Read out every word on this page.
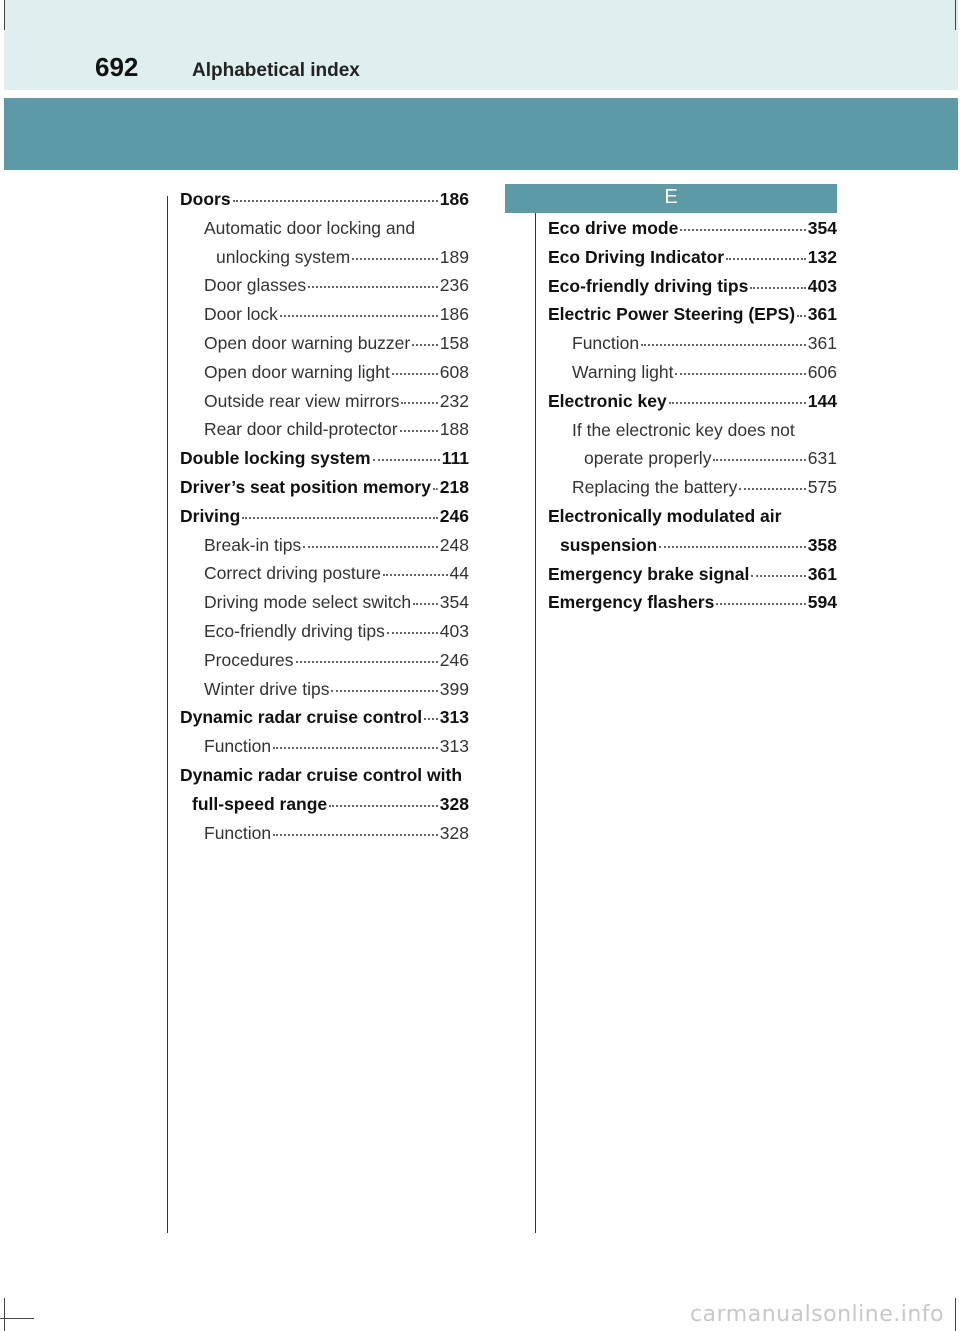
692	Alphabetical index
E
Doors	186
Automatic door locking and
unlocking system	189
Door glasses	236
Door lock	186
Open door warning buzzer 158
Open door warning light	608
Outside rear view mirrors 232
Rear door child-protector 188
Double locking system	111
Driver’s seat position memory 218
Driving	246
Break-in tips	248
Correct driving posture	44
Driving mode select switch 354
Eco-friendly driving tips	403
Procedures	246
Winter drive tips	399
Dynamic radar cruise control 313
Function	313
Dynamic radar cruise control with
full-speed range	328
Function	328
Eco drive mode	354
Eco Driving Indicator	132
Eco-friendly driving tips	403
Electric Power Steering (EPS) 361
Function	361
Warning light	606
Electronic key	144
If the electronic key does not
operate properly	631
Replacing the battery	575
Electronically modulated air
suspension	358
Emergency brake signal	361
Emergency flashers	594
carmanualsonline.info
